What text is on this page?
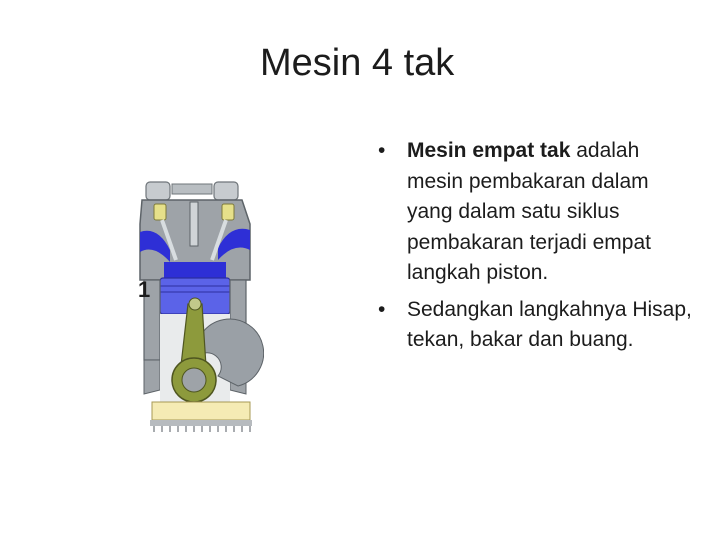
Mesin 4 tak
1
• Mesin empat tak adalah mesin pembakaran dalam yang dalam satu siklus pembakaran terjadi empat langkah piston.
• Sedangkan langkahnya Hisap, tekan, bakar dan buang.
